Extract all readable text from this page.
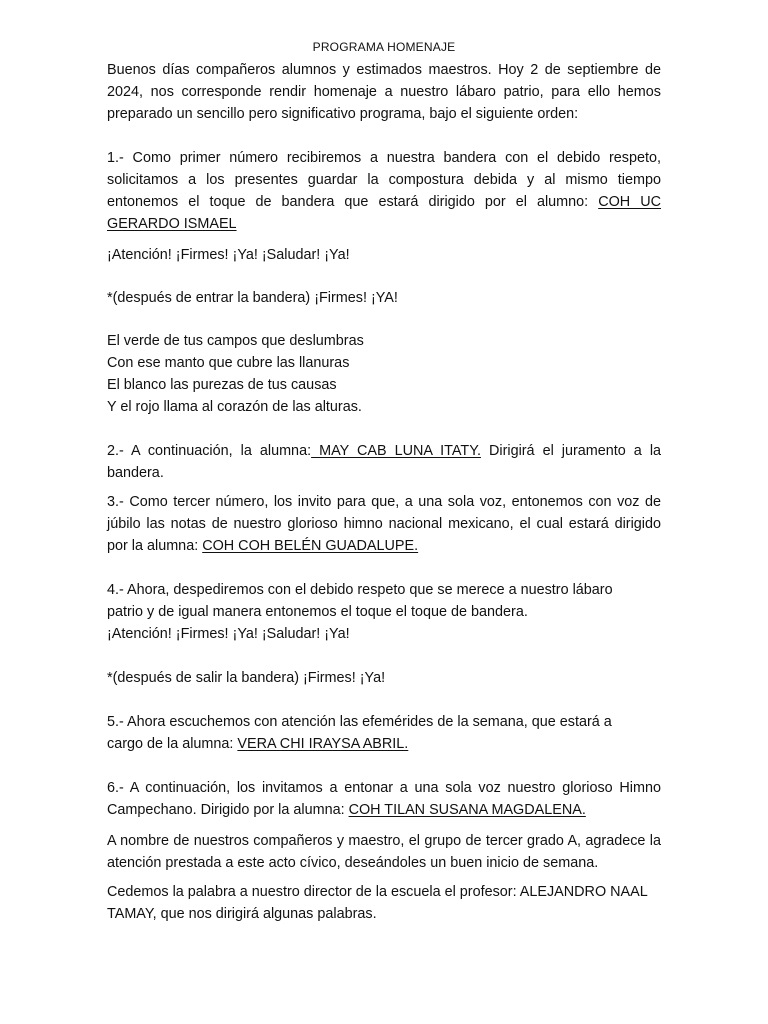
PROGRAMA HOMENAJE

Buenos días compañeros alumnos y estimados maestros. Hoy 2 de septiembre de 2024, nos corresponde rendir homenaje a nuestro lábaro patrio, para ello hemos preparado un sencillo pero significativo programa, bajo el siguiente orden:

1.- Como primer número recibiremos a nuestra bandera con el debido respeto, solicitamos a los presentes guardar la compostura debida y al mismo tiempo entonemos el toque de bandera que estará dirigido por el alumno: COH UC GERARDO ISMAEL

¡Atención! ¡Firmes! ¡Ya! ¡Saludar! ¡Ya!

*(después de entrar la bandera) ¡Firmes! ¡YA!

El verde de tus campos que deslumbras
Con ese manto que cubre las llanuras
El blanco las purezas de tus causas
Y el rojo llama al corazón de las alturas.

2.- A continuación, la alumna: MAY CAB LUNA ITATY. Dirigirá el juramento a la bandera.

3.- Como tercer número, los invito para que, a una sola voz, entonemos con voz de júbilo las notas de nuestro glorioso himno nacional mexicano, el cual estará dirigido por la alumna: COH COH BELÉN GUADALUPE.

4.- Ahora, despediremos con el debido respeto que se merece a nuestro lábaro
patrio y de igual manera entonemos el toque el toque de bandera.
¡Atención! ¡Firmes! ¡Ya! ¡Saludar! ¡Ya!

*(después de salir la bandera) ¡Firmes! ¡Ya!

5.- Ahora escuchemos con atención las efemérides de la semana, que estará a
cargo de la alumna: VERA CHI IRAYSA ABRIL.

6.- A continuación, los invitamos a entonar a una sola voz nuestro glorioso Himno Campechano. Dirigido por la alumna: COH TILAN SUSANA MAGDALENA.

A nombre de nuestros compañeros y maestro, el grupo de tercer grado A, agradece la atención prestada a este acto cívico, deseándoles un buen inicio de semana.

Cedemos la palabra a nuestro director de la escuela el profesor: ALEJANDRO NAAL TAMAY, que nos dirigirá algunas palabras.
